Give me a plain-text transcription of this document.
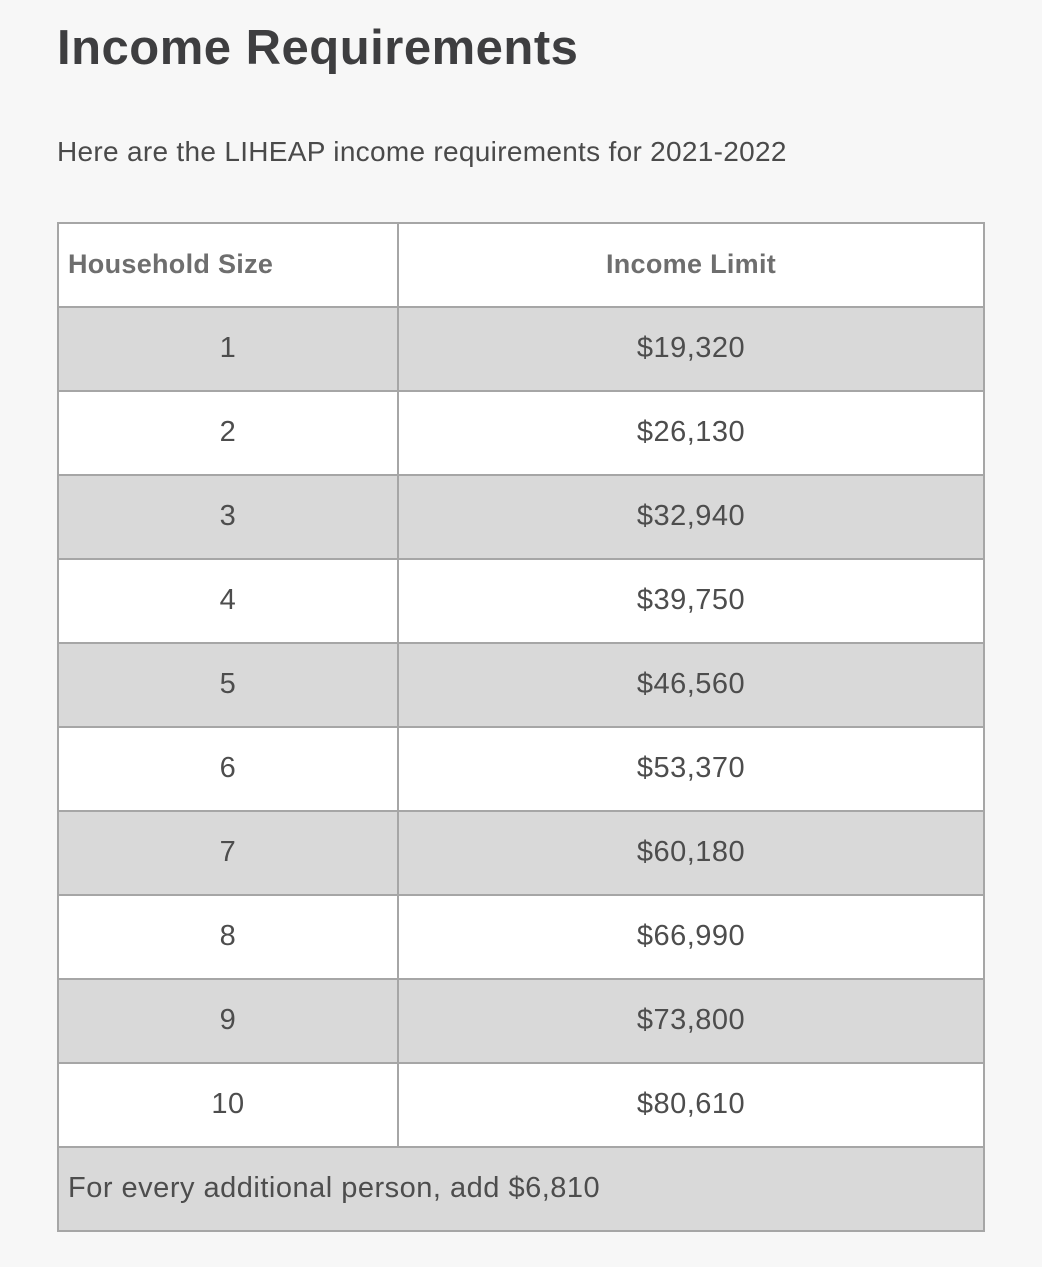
Income Requirements

Here are the LIHEAP income requirements for 2021-2022

Household Size	Income Limit
1	$19,320
2	$26,130
3	$32,940
4	$39,750
5	$46,560
6	$53,370
7	$60,180
8	$66,990
9	$73,800
10	$80,610
For every additional person, add $6,810	
